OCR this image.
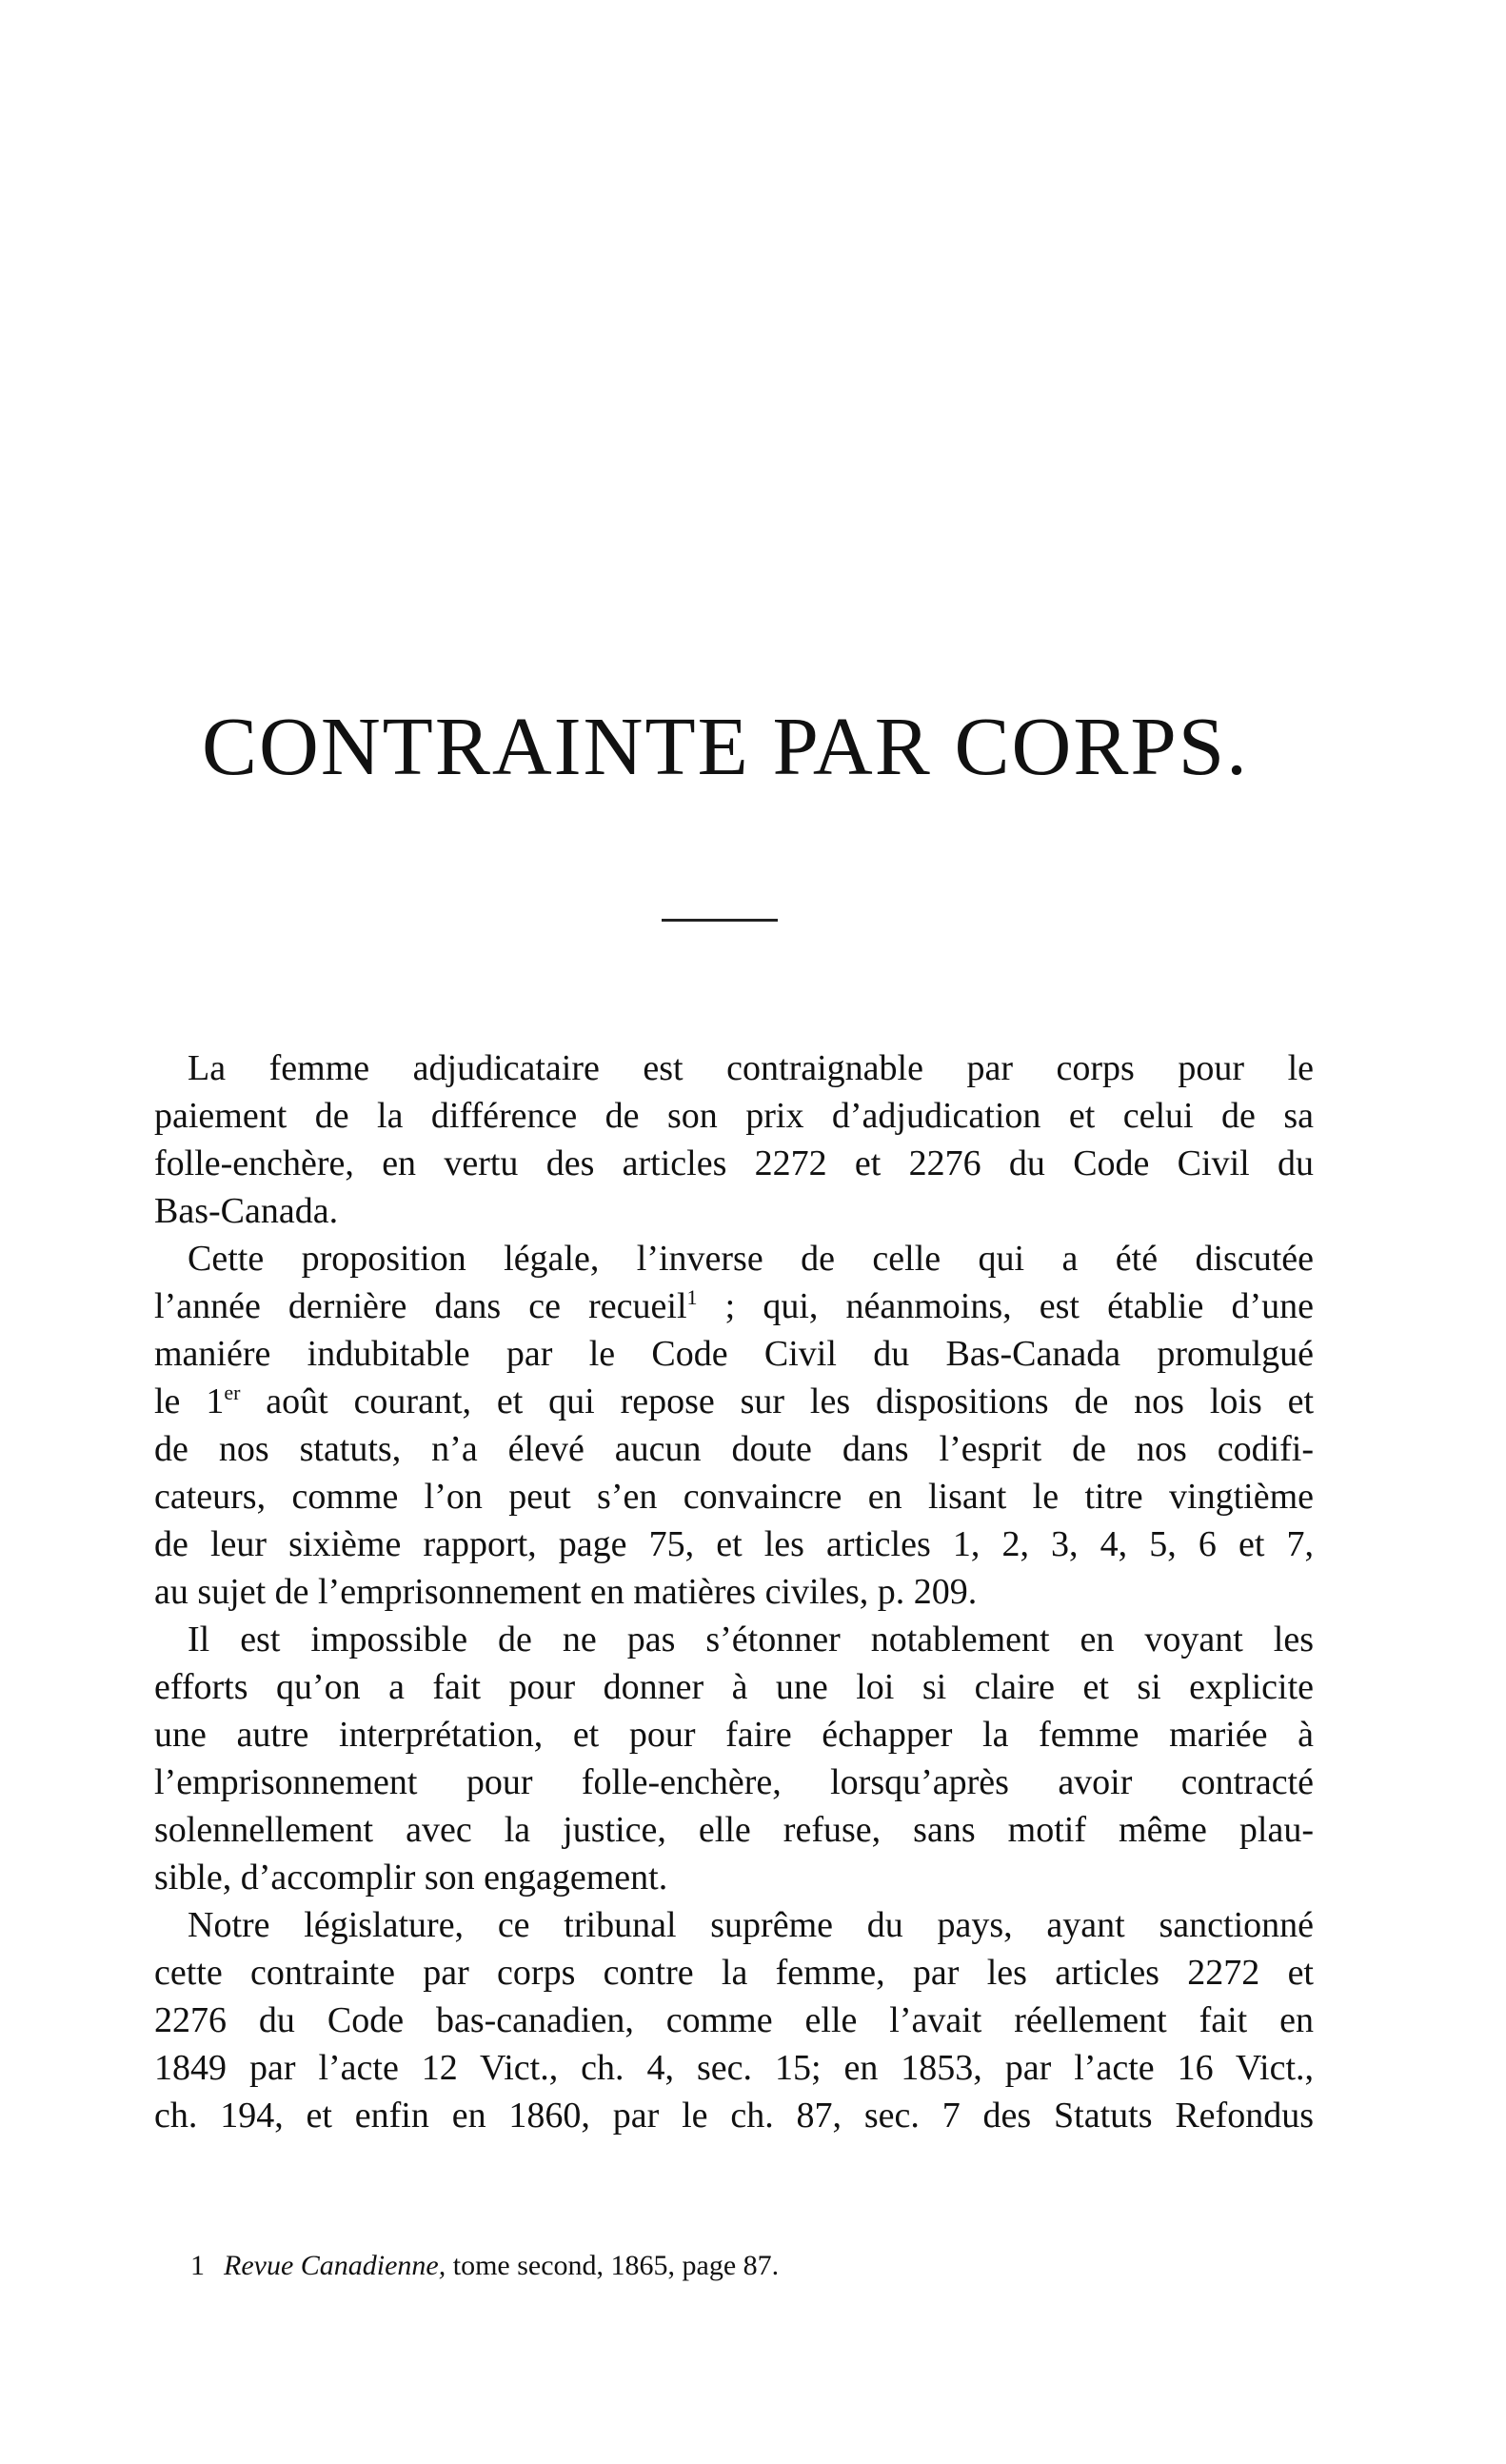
CONTRAINTE PAR CORPS.
La femme adjudicataire est contraignable par corps pour le
paiement de la différence de son prix d’adjudication et celui de sa
folle-enchère, en vertu des articles 2272 et 2276 du Code Civil du
Bas-Canada.
Cette proposition légale, l’inverse de celle qui a été discutée
l’année dernière dans ce recueil$^1$ ; qui, néanmoins, est établie d’une
maniére indubitable par le Code Civil du Bas-Canada promulgué
le 1er août courant, et qui repose sur les dispositions de nos lois et
de nos statuts, n’a élevé aucun doute dans l’esprit de nos codifi-
cateurs, comme l’on peut s’en convaincre en lisant le titre vingtième
de leur sixième rapport, page 75, et les articles 1, 2, 3, 4, 5, 6 et 7,
au sujet de l’emprisonnement en matières civiles, p. 209.
Il est impossible de ne pas s’étonner notablement en voyant les
efforts qu’on a fait pour donner à une loi si claire et si explicite
une autre interprétation, et pour faire échapper la femme mariée à
l’emprisonnement pour folle-enchère, lorsqu’après avoir contracté
solennellement avec la justice, elle refuse, sans motif même plau-
sible, d’accomplir son engagement.
Notre législature, ce tribunal suprême du pays, ayant sanctionné
cette contrainte par corps contre la femme, par les articles 2272 et
2276 du Code bas-canadien, comme elle l’avait réellement fait en
1849 par l’acte 12 Vict., ch. 4, sec. 15; en 1853, par l’acte 16 Vict.,
ch. 194, et enfin en 1860, par le ch. 87, sec. 7 des Statuts Refondus
1 Revue Canadienne, tome second, 1865, page 87.
